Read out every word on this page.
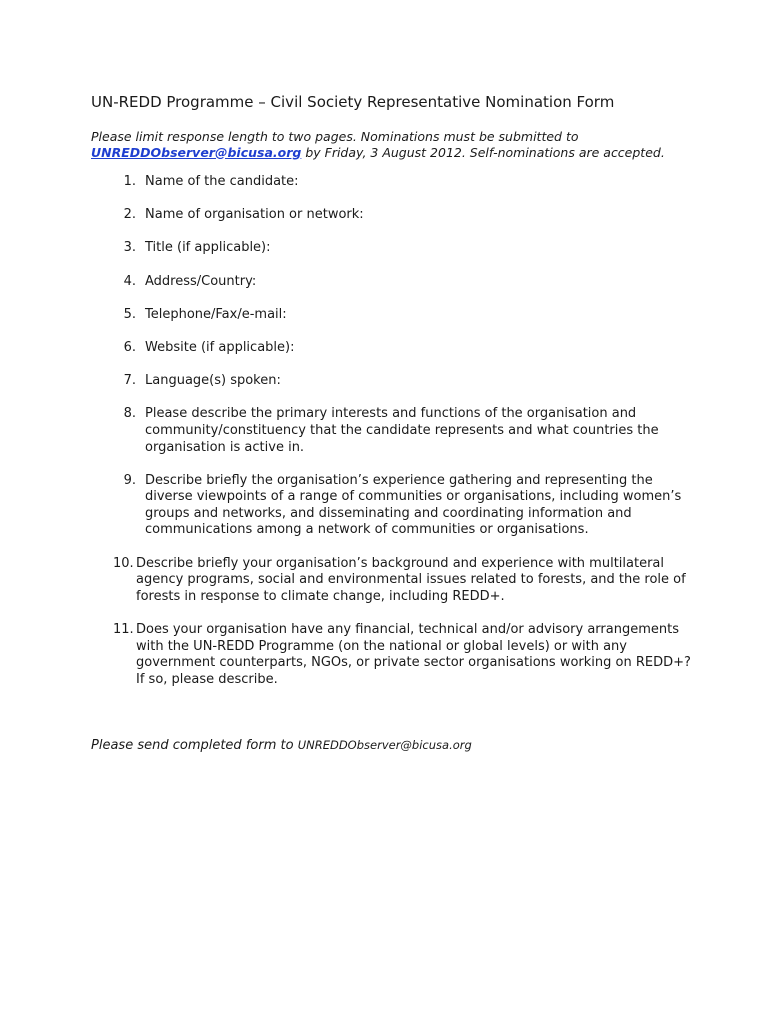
UN-REDD Programme – Civil Society Representative Nomination Form
Please limit response length to two pages. Nominations must be submitted to
UNREDDObserver@bicusa.org by Friday, 3 August 2012. Self-nominations are accepted.
1. Name of the candidate:
2. Name of organisation or network:
3. Title (if applicable):
4. Address/Country:
5. Telephone/Fax/e-mail:
6. Website (if applicable):
7. Language(s) spoken:
8. Please describe the primary interests and functions of the organisation and community/constituency that the candidate represents and what countries the organisation is active in.
9. Describe briefly the organisation’s experience gathering and representing the diverse viewpoints of a range of communities or organisations, including women’s groups and networks, and disseminating and coordinating information and communications among a network of communities or organisations.
10. Describe briefly your organisation’s background and experience with multilateral agency programs, social and environmental issues related to forests, and the role of forests in response to climate change, including REDD+.
11. Does your organisation have any financial, technical and/or advisory arrangements with the UN-REDD Programme (on the national or global levels) or with any government counterparts, NGOs, or private sector organisations working on REDD+? If so, please describe.
Please send completed form to UNREDDObserver@bicusa.org
